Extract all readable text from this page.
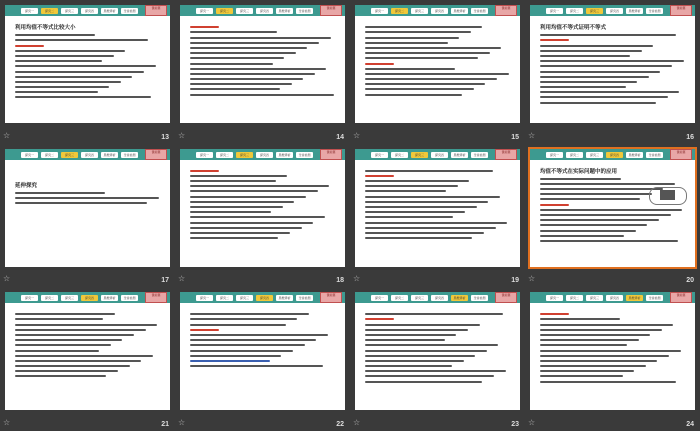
探究一	探究二	探究三	探究四	思维辨析	当堂检测
课前篇
利用均值不等式比较大小
☆	13
探究一	探究二	探究三	探究四	思维辨析	当堂检测
课前篇
☆	14
探究一	探究二	探究三	探究四	思维辨析	当堂检测
课前篇
☆	15
探究一	探究二	探究三	探究四	思维辨析	当堂检测
课前篇
利用均值不等式证明不等式
☆	16
探究一	探究二	探究三	探究四	思维辨析	当堂检测
课前篇
延伸探究
☆	17
探究一	探究二	探究三	探究四	思维辨析	当堂检测
课前篇
☆	18
探究一	探究二	探究三	探究四	思维辨析	当堂检测
课前篇
☆	19
探究一	探究二	探究三	探究四	思维辨析	当堂检测
课前篇
均值不等式在实际问题中的应用
☆	20
探究一	探究二	探究三	探究四	思维辨析	当堂检测
课前篇
☆	21
探究一	探究二	探究三	探究四	思维辨析	当堂检测
课前篇
☆	22
探究一	探究二	探究三	探究四	思维辨析	当堂检测
课前篇
☆	23
探究一	探究二	探究三	探究四	思维辨析	当堂检测
课前篇
☆	24
